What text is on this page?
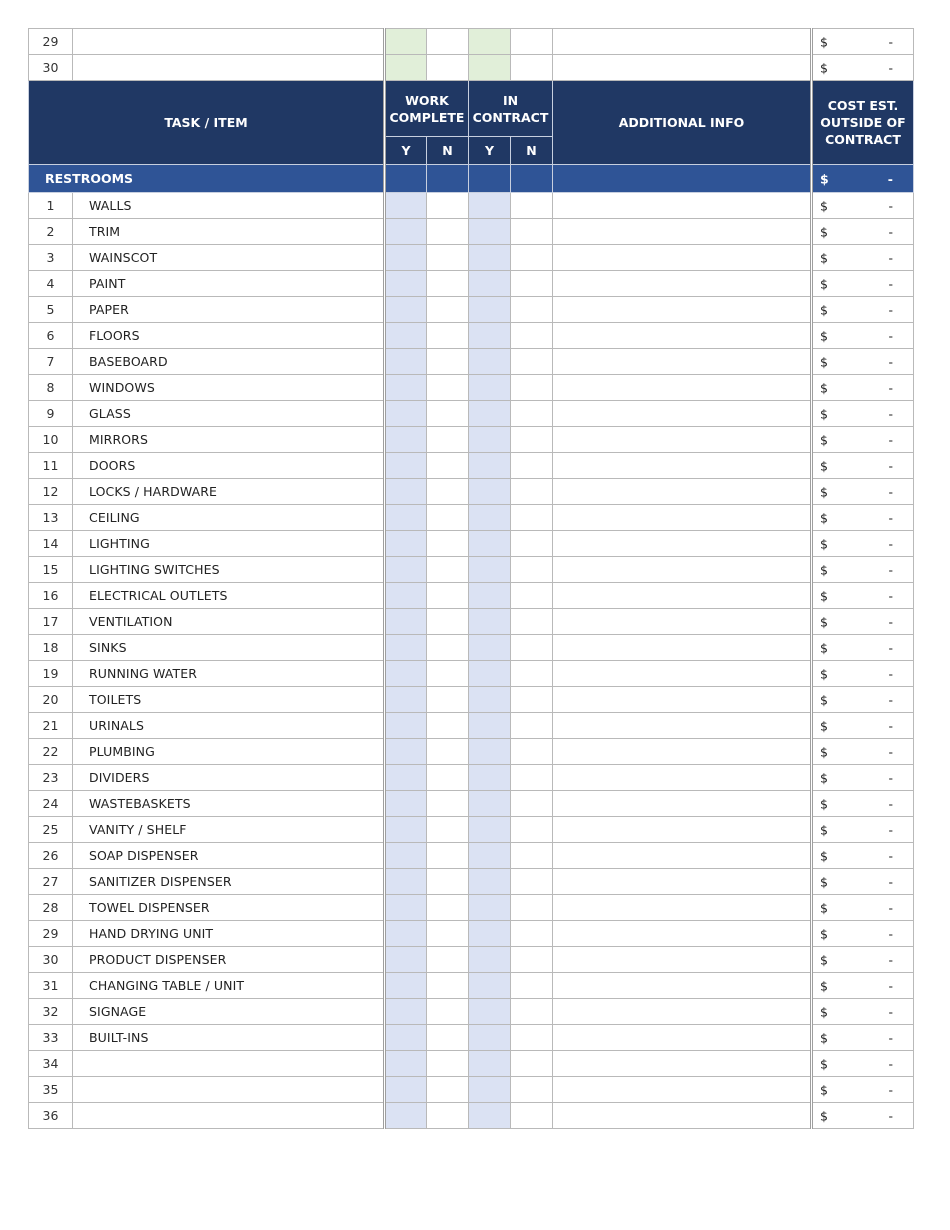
29							$ -

30							$ -

TASK / ITEM		WORK COMPLETE		IN CONTRACT		ADDITIONAL INFO	COST EST. OUTSIDE OF CONTRACT
		Y	N	Y	N		
RESTROOMS							$ -

1	WALLS						$ -

2	TRIM						$ -

3	WAINSCOT						$ -

4	PAINT						$ -

5	PAPER						$ -

6	FLOORS						$ -

7	BASEBOARD						$ -

8	WINDOWS						$ -

9	GLASS						$ -

10	MIRRORS						$ -

11	DOORS						$ -

12	LOCKS / HARDWARE						$ -

13	CEILING						$ -

14	LIGHTING						$ -

15	LIGHTING SWITCHES						$ -

16	ELECTRICAL OUTLETS						$ -

17	VENTILATION						$ -

18	SINKS						$ -

19	RUNNING WATER						$ -

20	TOILETS						$ -

21	URINALS						$ -

22	PLUMBING						$ -

23	DIVIDERS						$ -

24	WASTEBASKETS						$ -

25	VANITY / SHELF						$ -

26	SOAP DISPENSER						$ -

27	SANITIZER DISPENSER						$ -

28	TOWEL DISPENSER						$ -

29	HAND DRYING UNIT						$ -

30	PRODUCT DISPENSER						$ -

31	CHANGING TABLE / UNIT						$ -

32	SIGNAGE						$ -

33	BUILT-INS						$ -

34							$ -

35							$ -

36							$ -
